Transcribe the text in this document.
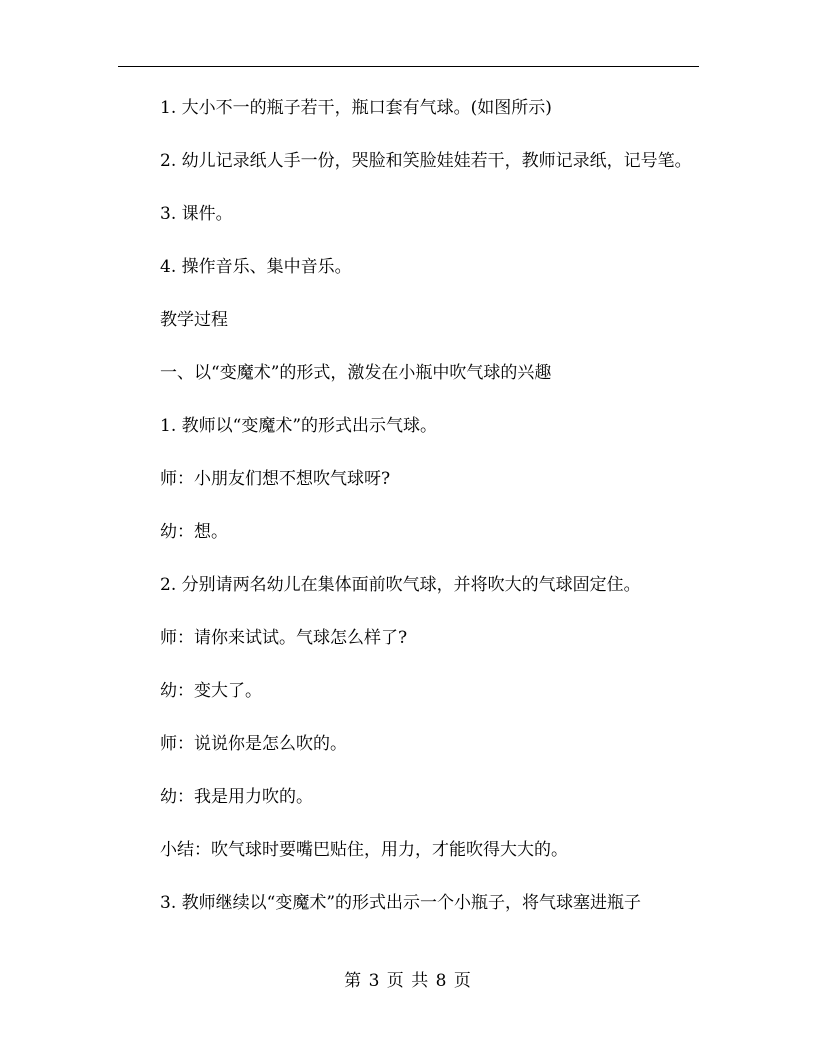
1. 大小不一的瓶子若干，瓶口套有气球。(如图所示)

2. 幼儿记录纸人手一份，哭脸和笑脸娃娃若干，教师记录纸，记号笔。

3. 课件。

4. 操作音乐、集中音乐。

教学过程

一、以“变魔术”的形式，激发在小瓶中吹气球的兴趣

1. 教师以“变魔术”的形式出示气球。

师：小朋友们想不想吹气球呀?

幼：想。

2. 分别请两名幼儿在集体面前吹气球，并将吹大的气球固定住。

师：请你来试试。气球怎么样了?

幼：变大了。

师：说说你是怎么吹的。

幼：我是用力吹的。

小结：吹气球时要嘴巴贴住，用力，才能吹得大大的。

3. 教师继续以“变魔术”的形式出示一个小瓶子，将气球塞进瓶子

第 3 页 共 8 页
